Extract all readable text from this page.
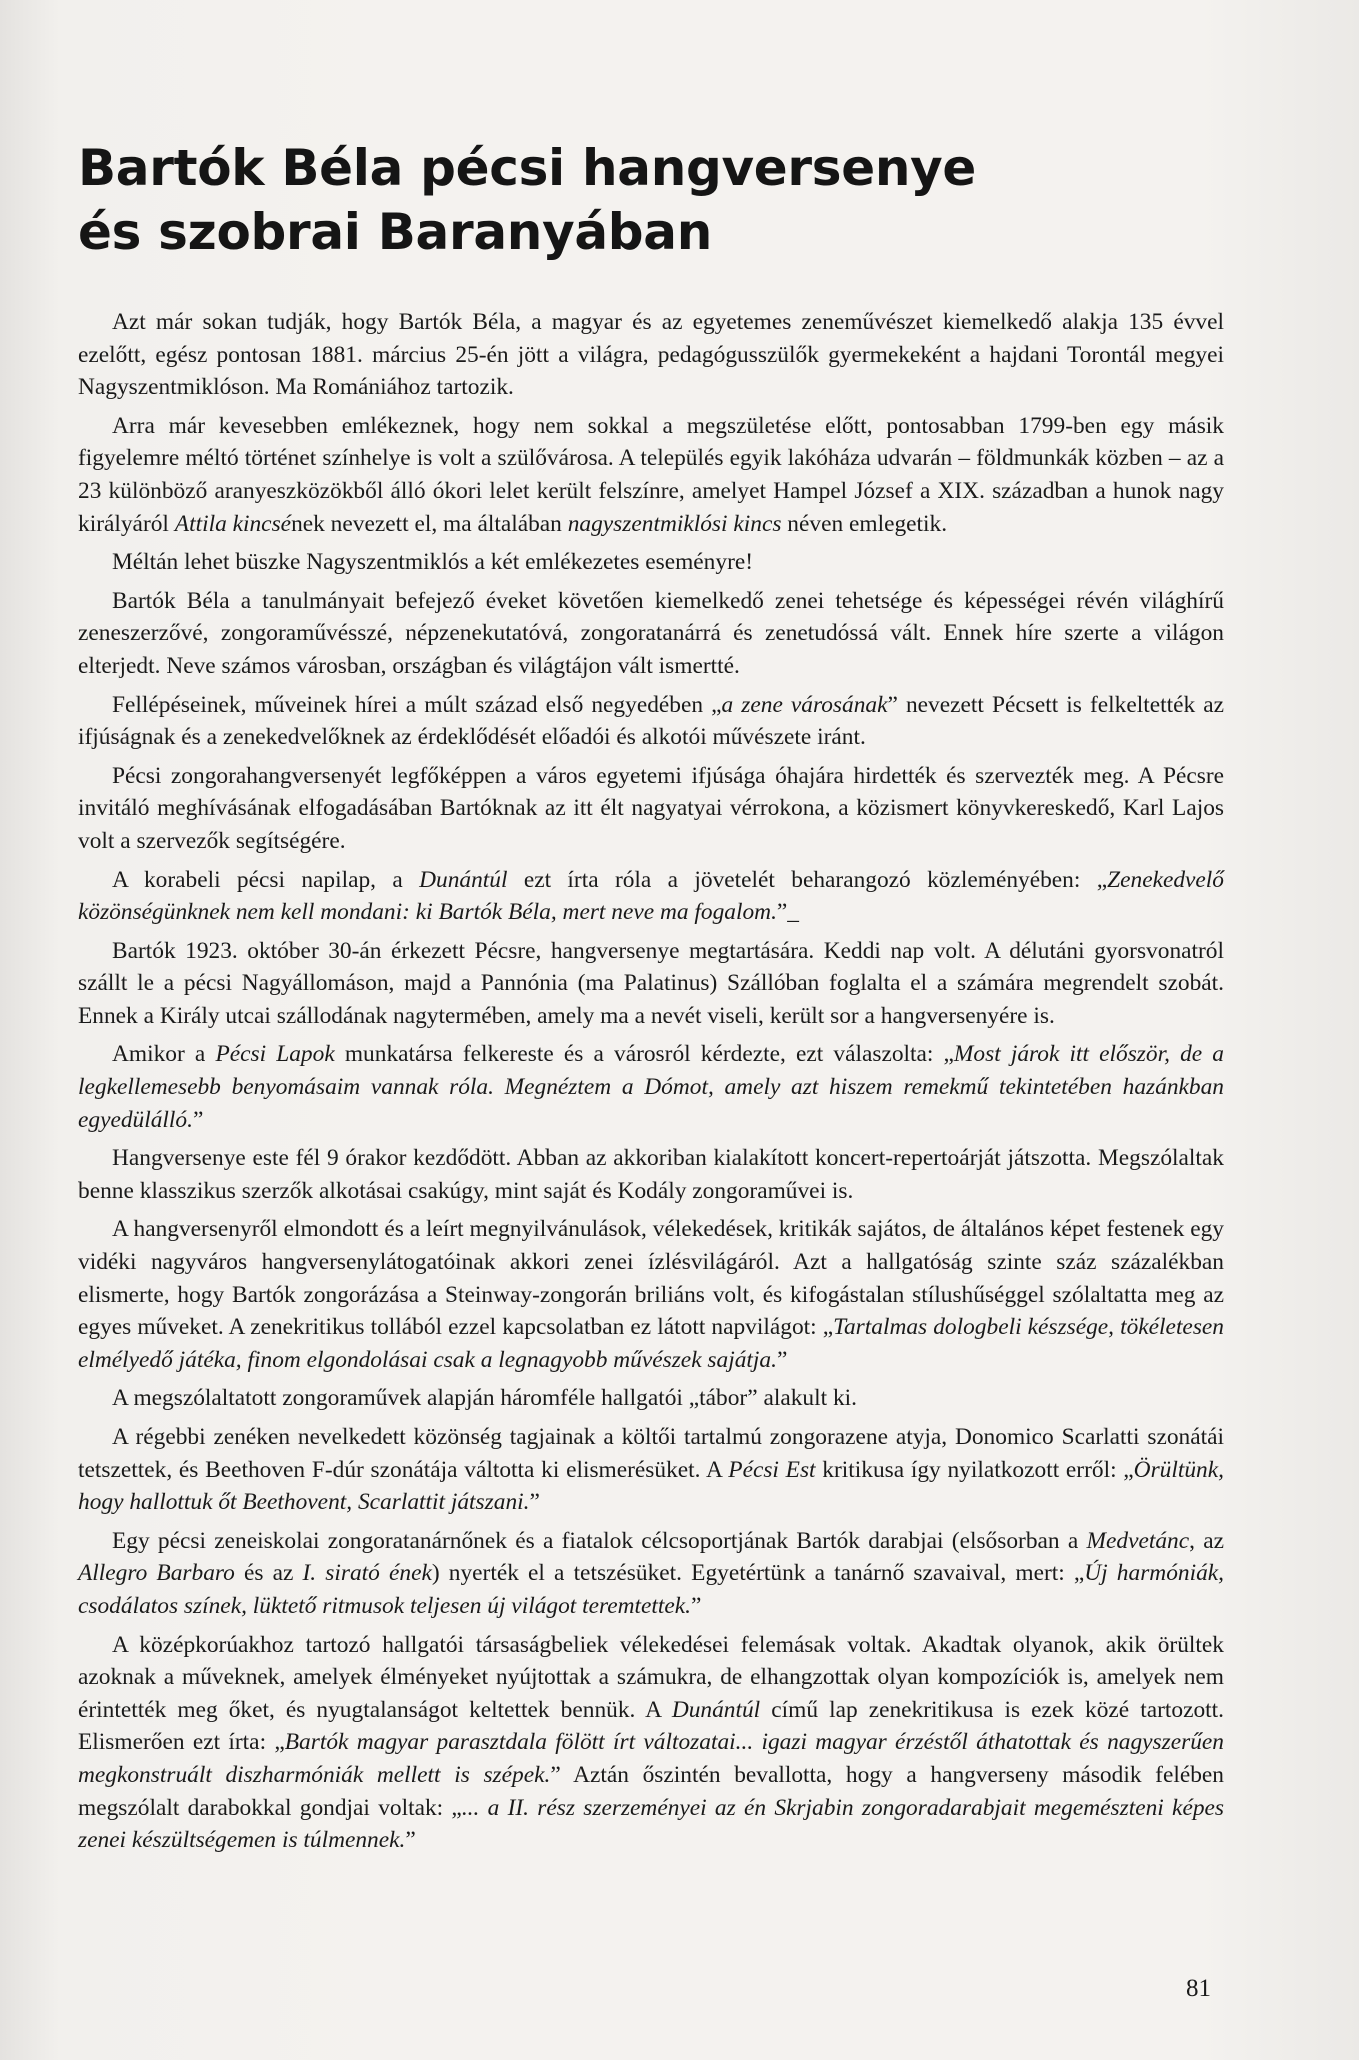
Bartók Béla pécsi hangversenye
és szobrai Baranyában

Azt már sokan tudják, hogy Bartók Béla, a magyar és az egyetemes zeneművészet kiemelkedő alakja 135 évvel ezelőtt, egész pontosan 1881. március 25-én jött a világra, pedagógusszülők gyermekeként a hajdani Torontál megyei Nagyszentmiklóson. Ma Romániához tartozik.

Arra már kevesebben emlékeznek, hogy nem sokkal a megszületése előtt, pontosabban 1799-ben egy másik figyelemre méltó történet színhelye is volt a szülővárosa. A település egyik lakóháza udvarán – földmunkák közben – az a 23 különböző aranyeszközökből álló ókori lelet került felszínre, amelyet Hampel József a XIX. században a hunok nagy királyáról Attila kincsének nevezett el, ma általában nagyszentmiklósi kincs néven emlegetik.

Méltán lehet büszke Nagyszentmiklós a két emlékezetes eseményre!

Bartók Béla a tanulmányait befejező éveket követően kiemelkedő zenei tehetsége és képességei révén világhírű zeneszerzővé, zongoraművésszé, népzenekutatóvá, zongoratanárrá és zenetudóssá vált. Ennek híre szerte a világon elterjedt. Neve számos városban, országban és világtájon vált ismertté.

Fellépéseinek, műveinek hírei a múlt század első negyedében „a zene városának” nevezett Pécsett is felkeltették az ifjúságnak és a zenekedvelőknek az érdeklődését előadói és alkotói művészete iránt.

Pécsi zongorahangversenyét legfőképpen a város egyetemi ifjúsága óhajára hirdették és szervezték meg. A Pécsre invitáló meghívásának elfogadásában Bartóknak az itt élt nagyatyai vérrokona, a közismert könyvkereskedő, Karl Lajos volt a szervezők segítségére.

A korabeli pécsi napilap, a Dunántúl ezt írta róla a jövetelét beharangozó közleményében: „Zenekedvelő közönségünknek nem kell mondani: ki Bartók Béla, mert neve ma fogalom.”_

Bartók 1923. október 30-án érkezett Pécsre, hangversenye megtartására. Keddi nap volt. A délutáni gyorsvonatról szállt le a pécsi Nagyállomáson, majd a Pannónia (ma Palatinus) Szállóban foglalta el a számára megrendelt szobát. Ennek a Király utcai szállodának nagytermében, amely ma a nevét viseli, került sor a hangversenyére is.

Amikor a Pécsi Lapok munkatársa felkereste és a városról kérdezte, ezt válaszolta: „Most járok itt először, de a legkellemesebb benyomásaim vannak róla. Megnéztem a Dómot, amely azt hiszem remekmű tekintetében hazánkban egyedülálló.”

Hangversenye este fél 9 órakor kezdődött. Abban az akkoriban kialakított koncert-repertoárját játszotta. Megszólaltak benne klasszikus szerzők alkotásai csakúgy, mint saját és Kodály zongoraművei is.

A hangversenyről elmondott és a leírt megnyilvánulások, vélekedések, kritikák sajátos, de általános képet festenek egy vidéki nagyváros hangversenylátogatóinak akkori zenei ízlésvilágáról. Azt a hallgatóság szinte száz százalékban elismerte, hogy Bartók zongorázása a Steinway-zongorán briliáns volt, és kifogástalan stílushűséggel szólaltatta meg az egyes műveket. A zenekritikus tollából ezzel kapcsolatban ez látott napvilágot: „Tartalmas dologbeli készsége, tökéletesen elmélyedő játéka, finom elgondolásai csak a legnagyobb művészek sajátja.”

A megszólaltatott zongoraművek alapján háromféle hallgatói „tábor” alakult ki.

A régebbi zenéken nevelkedett közönség tagjainak a költői tartalmú zongorazene atyja, Donomico Scarlatti szonátái tetszettek, és Beethoven F-dúr szonátája váltotta ki elismerésüket. A Pécsi Est kritikusa így nyilatkozott erről: „Örültünk, hogy hallottuk őt Beethovent, Scarlattit játszani.”

Egy pécsi zeneiskolai zongoratanárnőnek és a fiatalok célcsoportjának Bartók darabjai (elsősorban a Medvetánc, az Allegro Barbaro és az I. sirató ének) nyerték el a tetszésüket. Egyetértünk a tanárnő szavaival, mert: „Új harmóniák, csodálatos színek, lüktető ritmusok teljesen új világot teremtettek.”

A középkorúakhoz tartozó hallgatói társaságbeliek vélekedései felemásak voltak. Akadtak olyanok, akik örültek azoknak a műveknek, amelyek élményeket nyújtottak a számukra, de elhangzottak olyan kompozíciók is, amelyek nem érintették meg őket, és nyugtalanságot keltettek bennük. A Dunántúl című lap zenekritikusa is ezek közé tartozott. Elismerően ezt írta: „Bartók magyar parasztdala fölött írt változatai... igazi magyar érzéstől áthatottak és nagyszerűen megkonstruált diszharmóniák mellett is szépek.” Aztán őszintén bevallotta, hogy a hangverseny második felében megszólalt darabokkal gondjai voltak: „... a II. rész szerzeményei az én Skrjabin zongoradarabjait megemészteni képes zenei készültségemen is túlmennek.”

81
